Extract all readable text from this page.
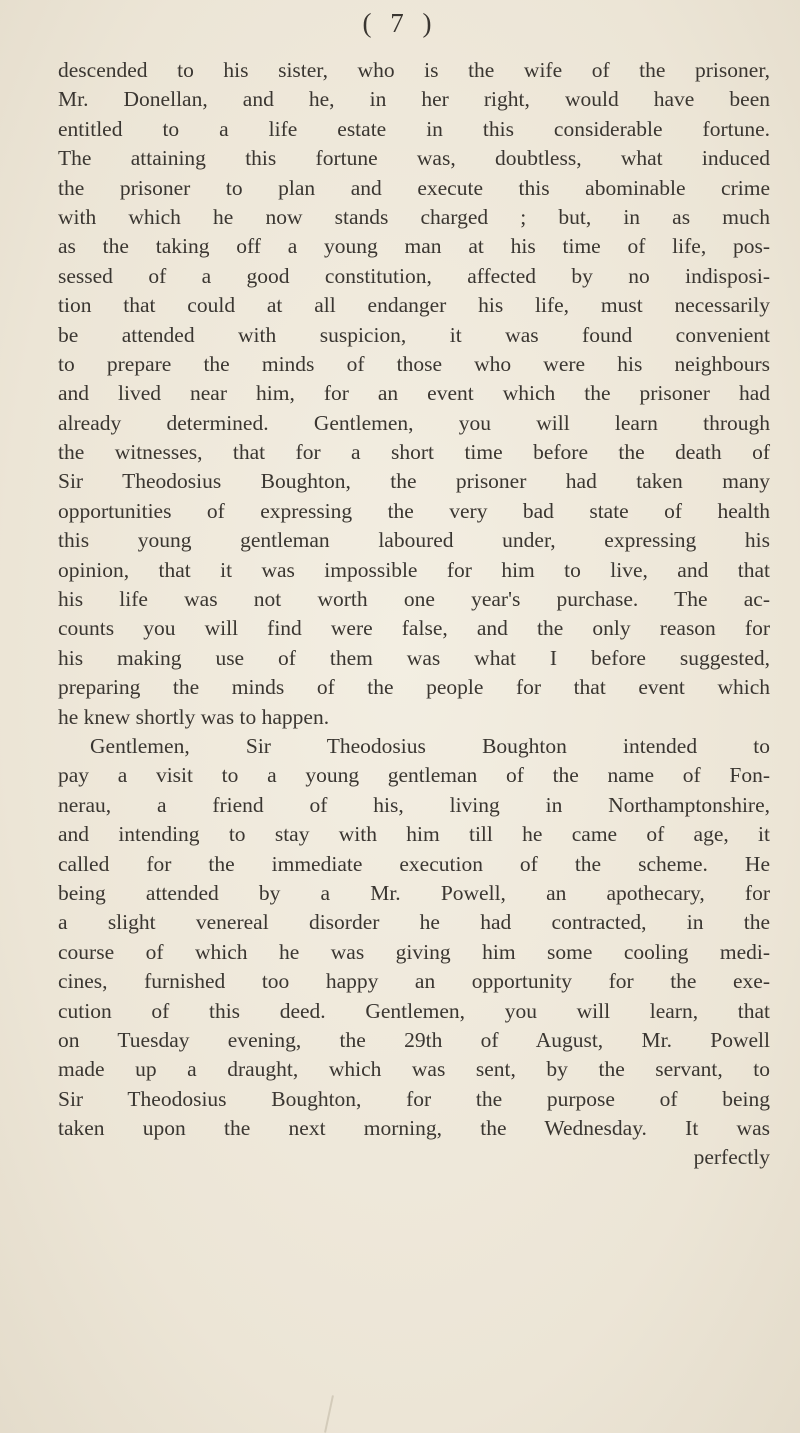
( 7 )
descended to his sister, who is the wife of the prisoner,
Mr. Donellan, and he, in her right, would have been
entitled to a life estate in this considerable fortune.
The attaining this fortune was, doubtless, what induced
the prisoner to plan and execute this abominable crime
with which he now stands charged ; but, in as much
as the taking off a young man at his time of life, pos-
sessed of a good constitution, affected by no indisposi-
tion that could at all endanger his life, must necessarily
be attended with suspicion, it was found convenient
to prepare the minds of those who were his neighbours
and lived near him, for an event which the prisoner had
already determined. Gentlemen, you will learn through
the witnesses, that for a short time before the death of
Sir Theodosius Boughton, the prisoner had taken many
opportunities of expressing the very bad state of health
this young gentleman laboured under, expressing his
opinion, that it was impossible for him to live, and that
his life was not worth one year's purchase. The ac-
counts you will find were false, and the only reason for
his making use of them was what I before suggested,
preparing the minds of the people for that event which
he knew shortly was to happen.
Gentlemen, Sir Theodosius Boughton intended to
pay a visit to a young gentleman of the name of Fon-
nerau, a friend of his, living in Northamptonshire,
and intending to stay with him till he came of age, it
called for the immediate execution of the scheme. He
being attended by a Mr. Powell, an apothecary, for
a slight venereal disorder he had contracted, in the
course of which he was giving him some cooling medi-
cines, furnished too happy an opportunity for the exe-
cution of this deed. Gentlemen, you will learn, that
on Tuesday evening, the 29th of August, Mr. Powell
made up a draught, which was sent, by the servant, to
Sir Theodosius Boughton, for the purpose of being
taken upon the next morning, the Wednesday. It was
perfectly
